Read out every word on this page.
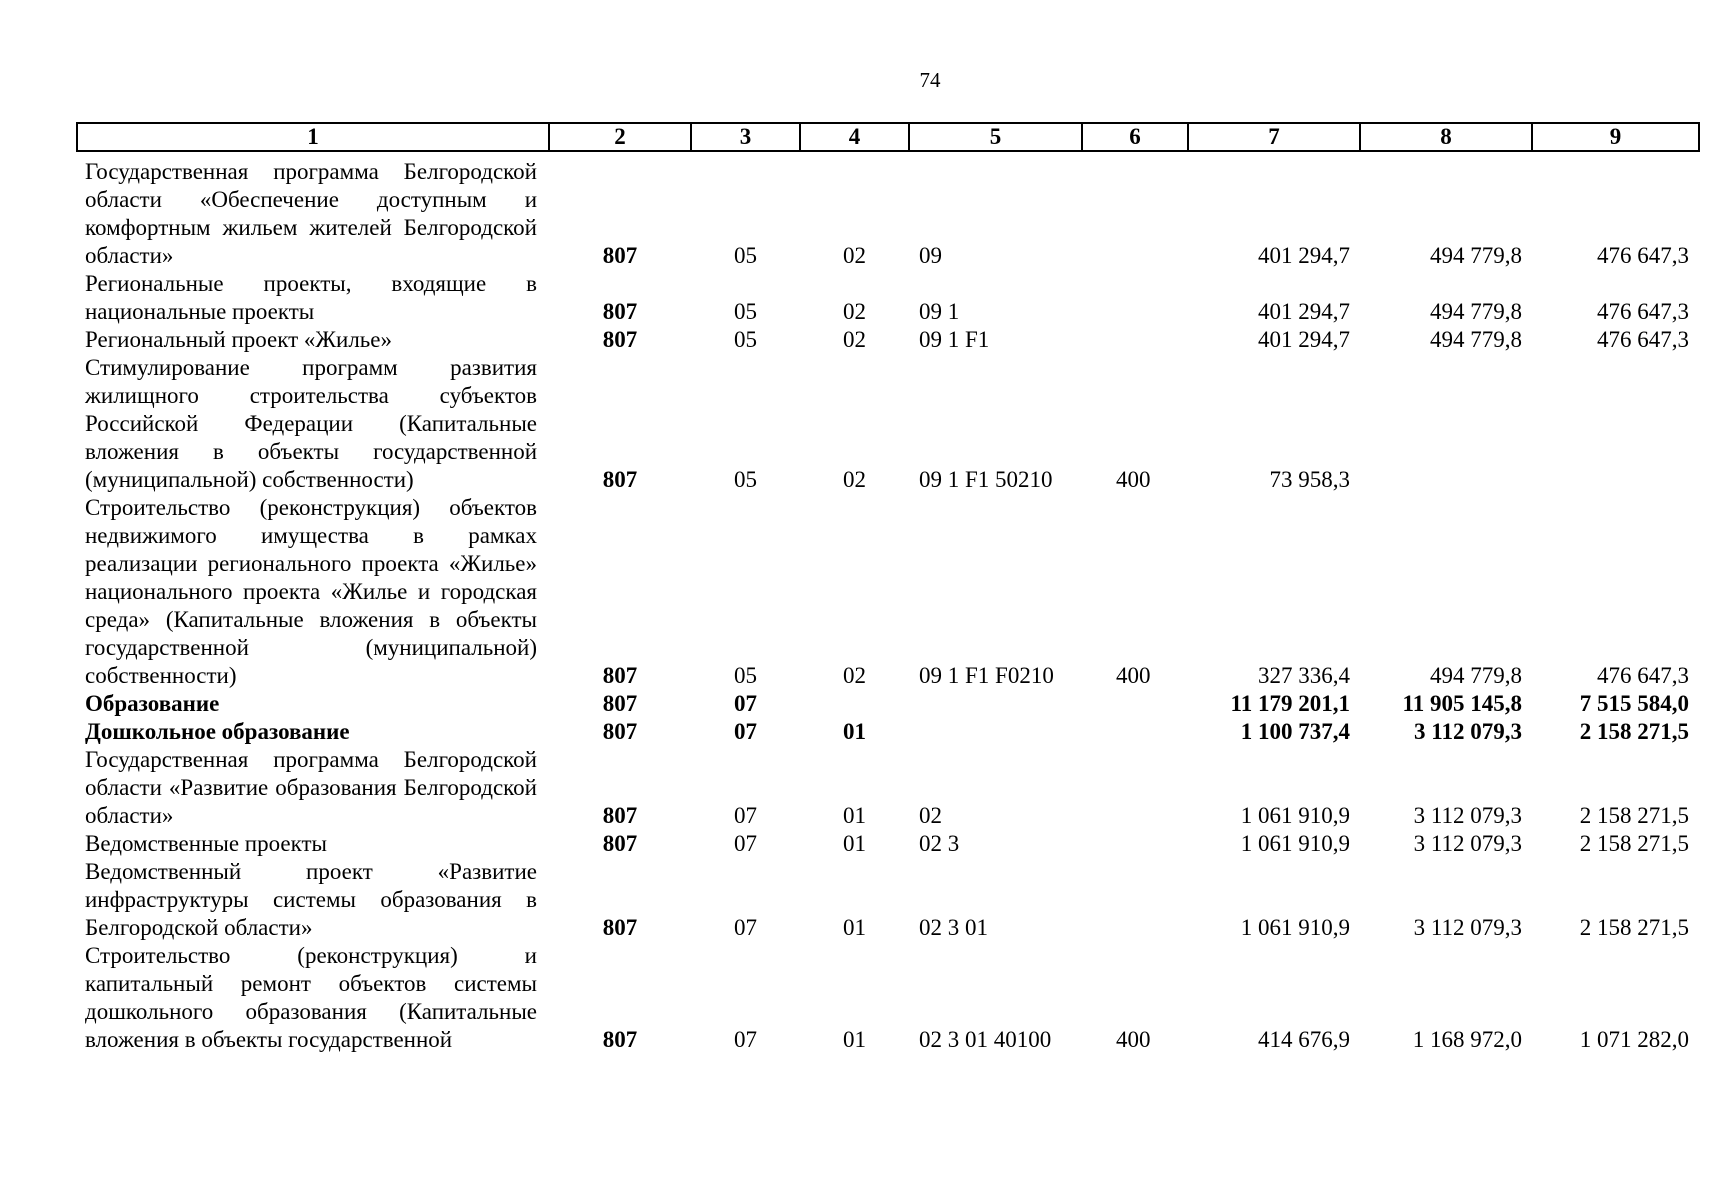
74
1	2	3	4	5	6	7	8	9
Государственная программа Белгородской области «Обеспечение доступным и комфортным жильем жителей Белгородской области»	807	05	02	09		401 294,7	494 779,8	476 647,3
Региональные проекты, входящие в национальные проекты	807	05	02	09 1		401 294,7	494 779,8	476 647,3
Региональный проект «Жилье»	807	05	02	09 1 F1		401 294,7	494 779,8	476 647,3
Стимулирование программ развития жилищного строительства субъектов Российской Федерации (Капитальные вложения в объекты государственной (муниципальной) собственности)	807	05	02	09 1 F1 50210	400	73 958,3		
Строительство (реконструкция) объектов недвижимого имущества в рамках реализации регионального проекта «Жилье» национального проекта «Жилье и городская среда» (Капитальные вложения в объекты государственной (муниципальной) собственности)	807	05	02	09 1 F1 F0210	400	327 336,4	494 779,8	476 647,3
Образование	807	07				11 179 201,1	11 905 145,8	7 515 584,0
Дошкольное образование	807	07	01			1 100 737,4	3 112 079,3	2 158 271,5
Государственная программа Белгородской области «Развитие образования Белгородской области»	807	07	01	02		1 061 910,9	3 112 079,3	2 158 271,5
Ведомственные проекты	807	07	01	02 3		1 061 910,9	3 112 079,3	2 158 271,5
Ведомственный проект «Развитие инфраструктуры системы образования в Белгородской области»	807	07	01	02 3 01		1 061 910,9	3 112 079,3	2 158 271,5
Строительство (реконструкция) и капитальный ремонт объектов системы дошкольного образования (Капитальные вложения в объекты государственной	807	07	01	02 3 01 40100	400	414 676,9	1 168 972,0	1 071 282,0
